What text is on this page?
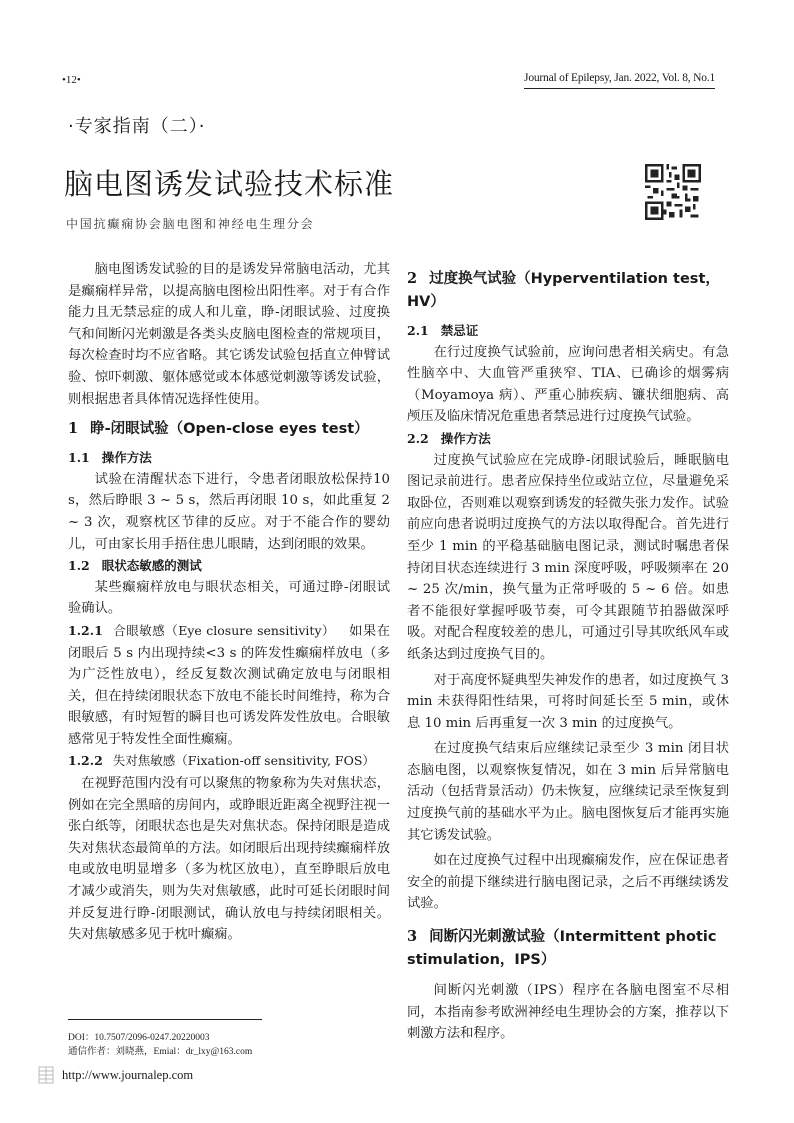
•12•	Journal of Epilepsy, Jan. 2022, Vol. 8, No.1
·专家指南（二）·
脑电图诱发试验技术标准
中国抗癫痫协会脑电图和神经电生理分会

脑电图诱发试验的目的是诱发异常脑电活动，尤其是癫痫样异常，以提高脑电图检出阳性率。对于有合作能力且无禁忌症的成人和儿童，睁-闭眼试验、过度换气和间断闪光刺激是各类头皮脑电图检查的常规项目，每次检查时均不应省略。其它诱发试验包括直立伸臂试验、惊吓刺激、躯体感觉或本体感觉刺激等诱发试验，则根据患者具体情况选择性使用。

1 睁-闭眼试验（Open-close eyes test）
1.1 操作方法

试验在清醒状态下进行，令患者闭眼放松保持10 s，然后睁眼 3 ~ 5 s，然后再闭眼 10 s，如此重复 2 ~ 3 次，观察枕区节律的反应。对于不能合作的婴幼儿，可由家长用手捂住患儿眼睛，达到闭眼的效果。

1.2 眼状态敏感的测试

某些癫痫样放电与眼状态相关，可通过睁-闭眼试验确认。

1.2.1 合眼敏感（Eye closure sensitivity） 如果在闭眼后 5 s 内出现持续<3 s 的阵发性癫痫样放电（多为广泛性放电），经反复数次测试确定放电与闭眼相关，但在持续闭眼状态下放电不能长时间维持，称为合眼敏感，有时短暂的瞬目也可诱发阵发性放电。合眼敏感常见于特发性全面性癫痫。

1.2.2 失对焦敏感（Fixation-off sensitivity, FOS）

在视野范围内没有可以聚焦的物象称为失对焦状态，例如在完全黑暗的房间内，或睁眼近距离全视野注视一张白纸等，闭眼状态也是失对焦状态。保持闭眼是造成失对焦状态最简单的方法。如闭眼后出现持续癫痫样放电或放电明显增多（多为枕区放电），直至睁眼后放电才减少或消失，则为失对焦敏感，此时可延长闭眼时间并反复进行睁-闭眼测试，确认放电与持续闭眼相关。失对焦敏感多见于枕叶癫痫。

2 过度换气试验（Hyperventilation test，HV）
2.1 禁忌证

在行过度换气试验前，应询问患者相关病史。有急性脑卒中、大血管严重狭窄、TIA、已确诊的烟雾病（Moyamoya 病）、严重心肺疾病、镰状细胞病、高颅压及临床情况危重患者禁忌进行过度换气试验。

2.2 操作方法

过度换气试验应在完成睁-闭眼试验后，睡眠脑电图记录前进行。患者应保持坐位或站立位，尽量避免采取卧位，否则难以观察到诱发的轻微失张力发作。试验前应向患者说明过度换气的方法以取得配合。首先进行至少 1 min 的平稳基础脑电图记录，测试时嘱患者保持闭目状态连续进行 3 min 深度呼吸，呼吸频率在 20 ~ 25 次/min，换气量为正常呼吸的 5 ~ 6 倍。如患者不能很好掌握呼吸节奏，可令其跟随节拍器做深呼吸。对配合程度较差的患儿，可通过引导其吹纸风车或纸条达到过度换气目的。

对于高度怀疑典型失神发作的患者，如过度换气 3 min 未获得阳性结果，可将时间延长至 5 min，或休息 10 min 后再重复一次 3 min 的过度换气。

在过度换气结束后应继续记录至少 3 min 闭目状态脑电图，以观察恢复情况，如在 3 min 后异常脑电活动（包括背景活动）仍未恢复，应继续记录至恢复到过度换气前的基础水平为止。脑电图恢复后才能再实施其它诱发试验。

如在过度换气过程中出现癫痫发作，应在保证患者安全的前提下继续进行脑电图记录，之后不再继续诱发试验。

3 间断闪光刺激试验（Intermittent photic stimulation，IPS）

间断闪光刺激（IPS）程序在各脑电图室不尽相同，本指南参考欧洲神经电生理协会的方案，推荐以下刺激方法和程序。

DOI：10.7507/2096-0247.20220003
通信作者：刘晓燕，Emial：dr_lxy@163.com
http://www.journalep.com
